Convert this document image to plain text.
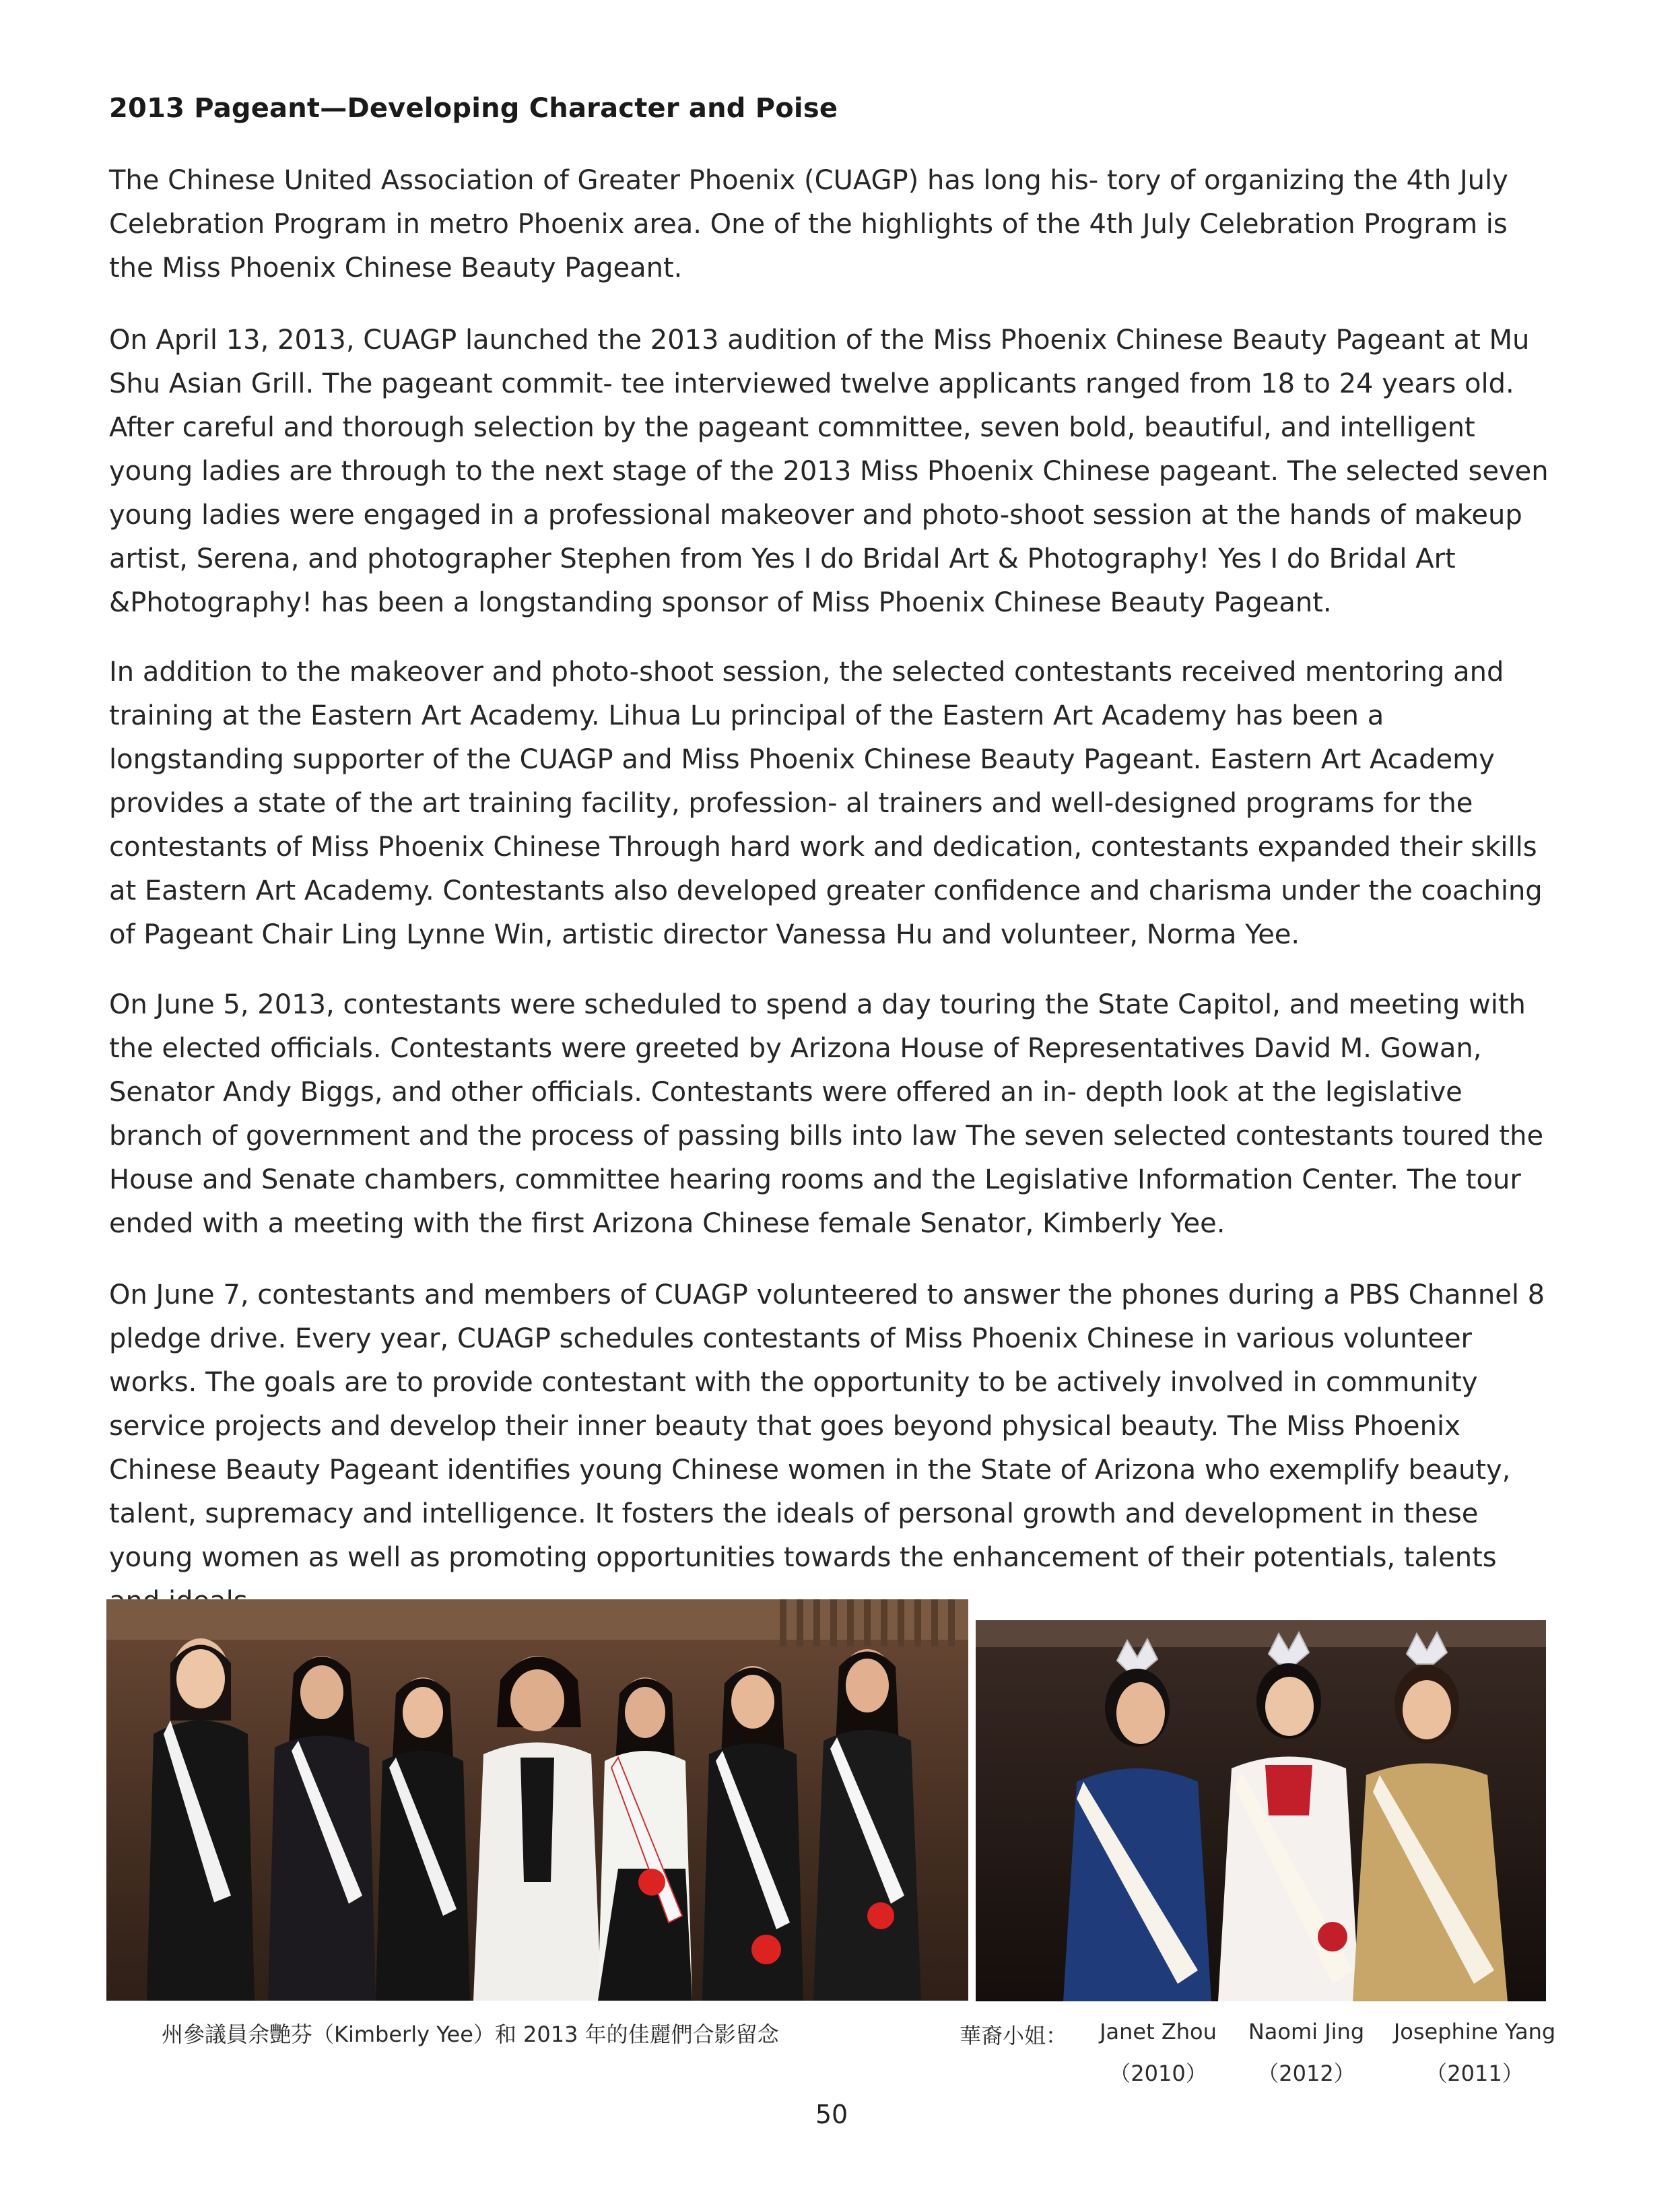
2013 Pageant—Developing Character and Poise

The Chinese United Association of Greater Phoenix (CUAGP) has long his- tory of organizing the 4th July Celebration Program in metro Phoenix area. One of the highlights of the 4th July Celebration Program is the Miss Phoenix Chinese Beauty Pageant.

On April 13, 2013, CUAGP launched the 2013 audition of the Miss Phoenix Chinese Beauty Pageant at Mu Shu Asian Grill. The pageant commit- tee interviewed twelve applicants ranged from 18 to 24 years old. After careful and thorough selection by the pageant committee, seven bold, beautiful, and intelligent young ladies are through to the next stage of the 2013 Miss Phoenix Chinese pageant. The selected seven young ladies were engaged in a professional makeover and photo-shoot session at the hands of makeup artist, Serena, and photographer Stephen from Yes I do Bridal Art & Photography! Yes I do Bridal Art &Photography! has been a longstanding sponsor of Miss Phoenix Chinese Beauty Pageant.

In addition to the makeover and photo-shoot session, the selected contestants received mentoring and training at the Eastern Art Academy. Lihua Lu principal of the Eastern Art Academy has been a longstanding supporter of the CUAGP and Miss Phoenix Chinese Beauty Pageant. Eastern Art Academy provides a state of the art training facility, profession- al trainers and well-designed programs for the contestants of Miss Phoenix Chinese Through hard work and dedication, contestants expanded their skills at Eastern Art Academy. Contestants also developed greater confidence and charisma under the coaching of Pageant Chair Ling Lynne Win, artistic director Vanessa Hu and volunteer, Norma Yee.

On June 5, 2013, contestants were scheduled to spend a day touring the State Capitol, and meeting with the elected officials. Contestants were greeted by Arizona House of Representatives David M. Gowan, Senator Andy Biggs, and other officials. Contestants were offered an in- depth look at the legislative branch of government and the process of passing bills into law The seven selected contestants toured the House and Senate chambers, committee hearing rooms and the Legislative Information Center. The tour ended with a meeting with the first Arizona Chinese female Senator, Kimberly Yee.

On June 7, contestants and members of CUAGP volunteered to answer the phones during a PBS Channel 8 pledge drive. Every year, CUAGP schedules contestants of Miss Phoenix Chinese in various volunteer works. The goals are to provide contestant with the opportunity to be actively involved in community service projects and develop their inner beauty that goes beyond physical beauty. The Miss Phoenix Chinese Beauty Pageant identifies young Chinese women in the State of Arizona who exemplify beauty, talent, supremacy and intelligence. It fosters the ideals of personal growth and development in these young women as well as promoting opportunities towards the enhancement of their potentials, talents

州參議員余艷芬（Kimberly Yee）和 2013 年的佳麗們合影留念	華裔小姐：	Janet Zhou
（2010）
Naomi Jing
（2012）
Josephine Yang
（2011）
50
